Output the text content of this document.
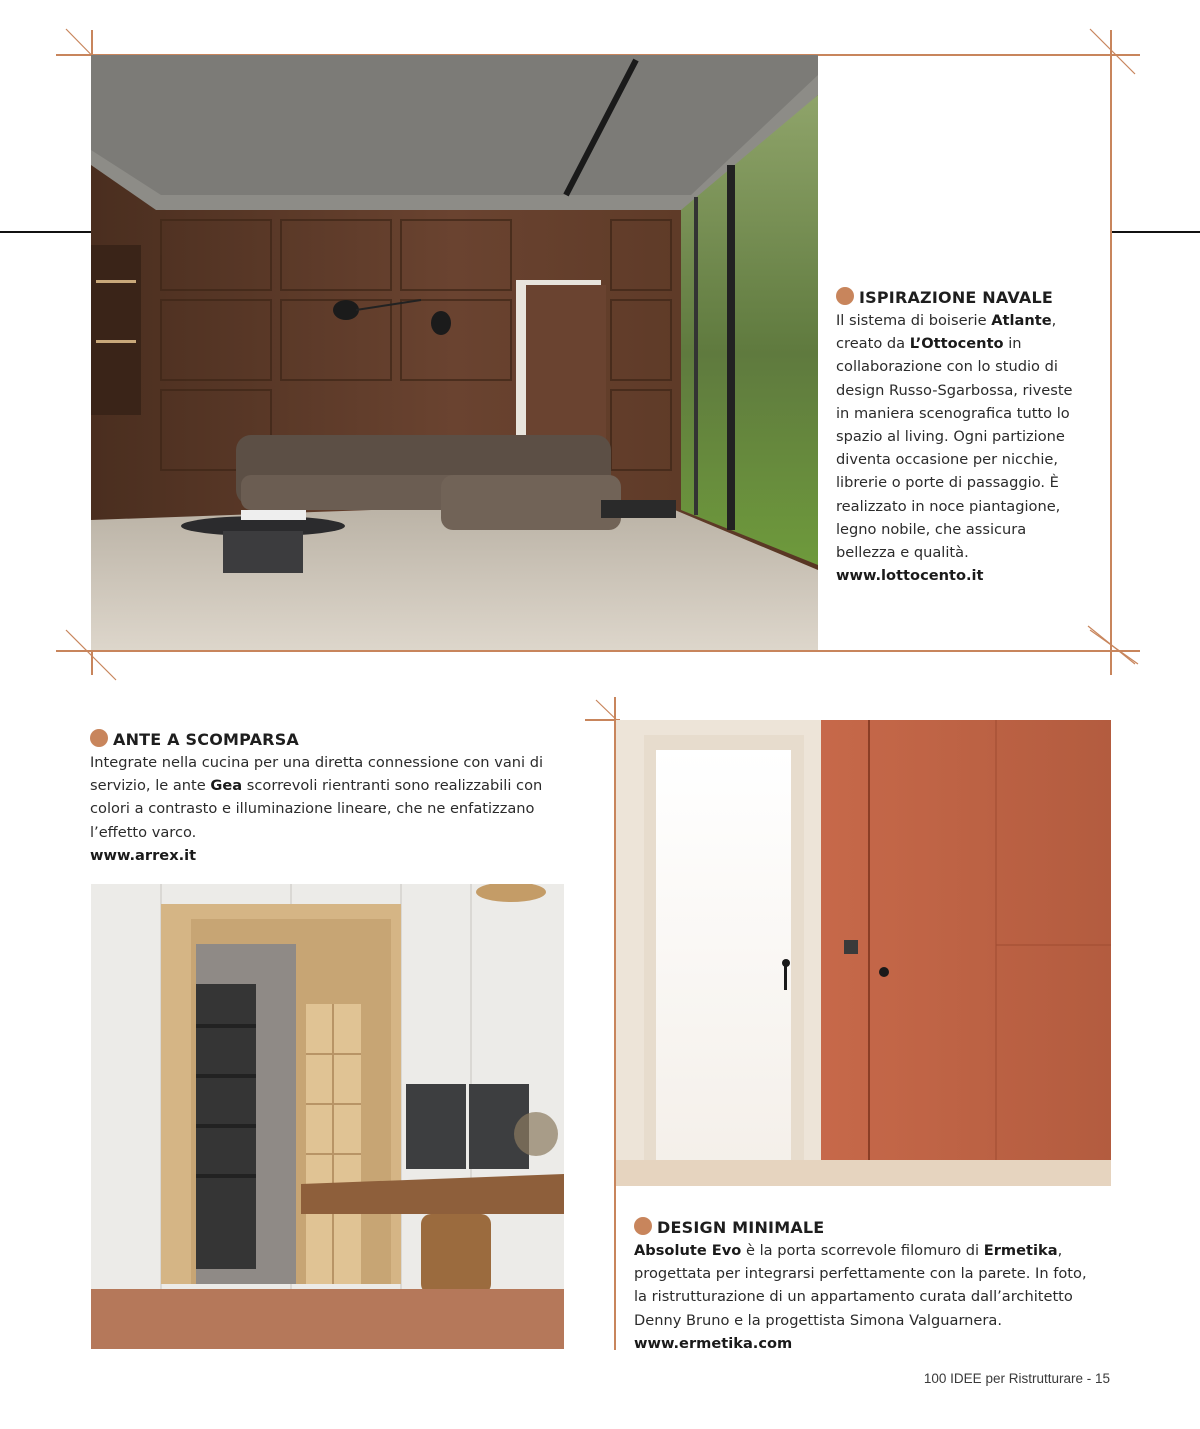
ISPIRAZIONE NAVALE
Il sistema di boiserie Atlante,
creato da L’Ottocento in
collaborazione con lo studio di
design Russo-Sgarbossa, riveste
in maniera scenografica tutto lo
spazio al living. Ogni partizione
diventa occasione per nicchie,
librerie o porte di passaggio. È
realizzato in noce piantagione,
legno nobile, che assicura
bellezza e qualità.
www.lottocento.it
ANTE A SCOMPARSA
Integrate nella cucina per una diretta connessione con vani di
servizio, le ante Gea scorrevoli rientranti sono realizzabili con
colori a contrasto e illuminazione lineare, che ne enfatizzano
l’effetto varco.
www.arrex.it
DESIGN MINIMALE
Absolute Evo è la porta scorrevole filomuro di Ermetika,
progettata per integrarsi perfettamente con la parete. In foto,
la ristrutturazione di un appartamento curata dall’architetto
Denny Bruno e la progettista Simona Valguarnera.
www.ermetika.com
100 IDEE per Ristrutturare - 15
